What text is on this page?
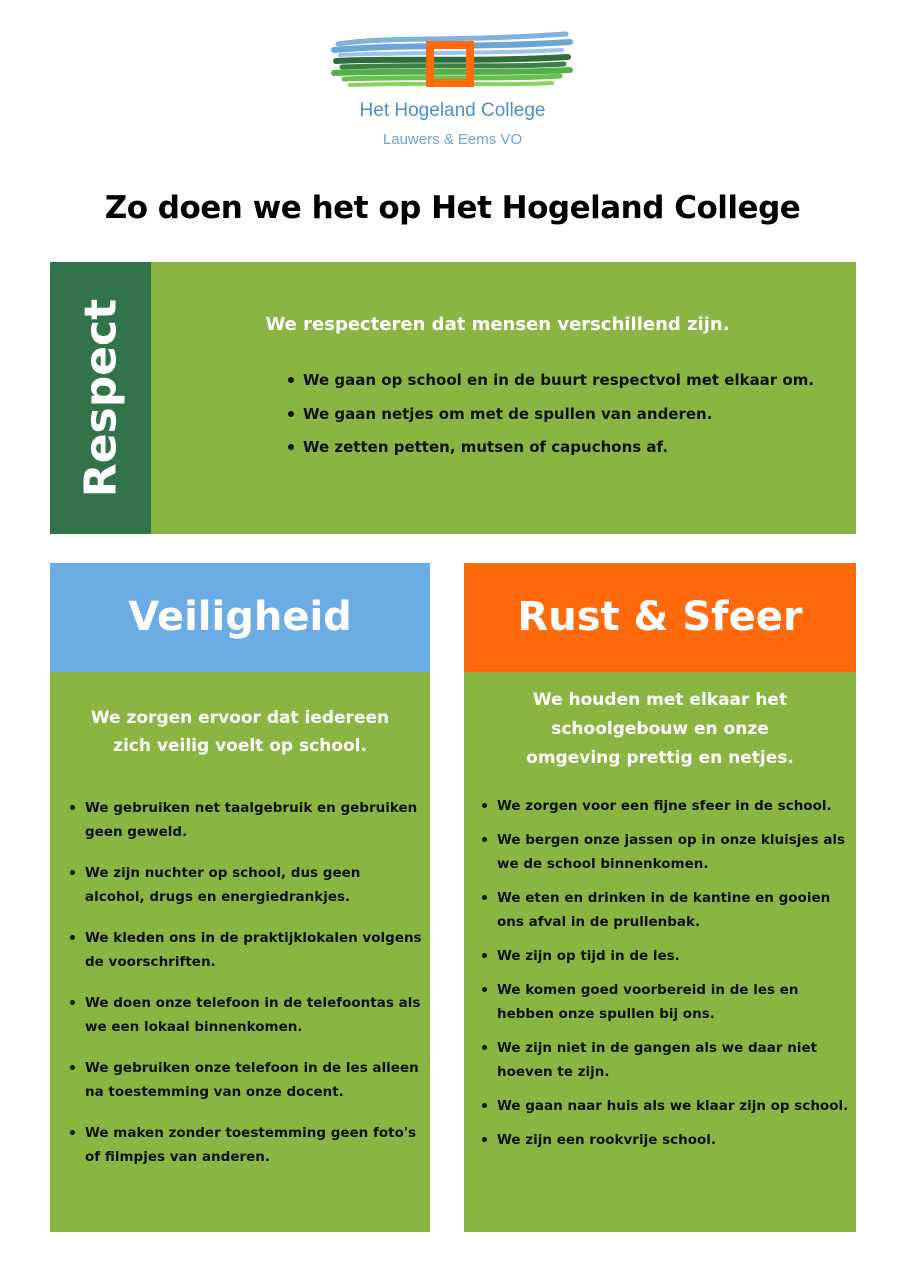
Het Hogeland College
Lauwers & Eems VO
Zo doen we het op Het Hogeland College
Respect	We respecteren dat mensen verschillend zijn.
We gaan op school en in de buurt respectvol met elkaar om.
We gaan netjes om met de spullen van anderen.
We zetten petten, mutsen of capuchons af.
Veiligheid
We zorgen ervoor dat iedereen zich veilig voelt op school.
We gebruiken net taalgebruik en gebruiken geen geweld.
We zijn nuchter op school, dus geen alcohol, drugs en energiedrankjes.
We kleden ons in de praktijklokalen volgens de voorschriften.
We doen onze telefoon in de telefoontas als we een lokaal binnenkomen.
We gebruiken onze telefoon in de les alleen na toestemming van onze docent.
We maken zonder toestemming geen foto's of filmpjes van anderen.
Rust & Sfeer
We houden met elkaar het schoolgebouw en onze omgeving prettig en netjes.
We zorgen voor een fijne sfeer in de school.
We bergen onze jassen op in onze kluisjes als we de school binnenkomen.
We eten en drinken in de kantine en gooien ons afval in de prullenbak.
We zijn op tijd in de les.
We komen goed voorbereid in de les en hebben onze spullen bij ons.
We zijn niet in de gangen als we daar niet hoeven te zijn.
We gaan naar huis als we klaar zijn op school.
We zijn een rookvrije school.
